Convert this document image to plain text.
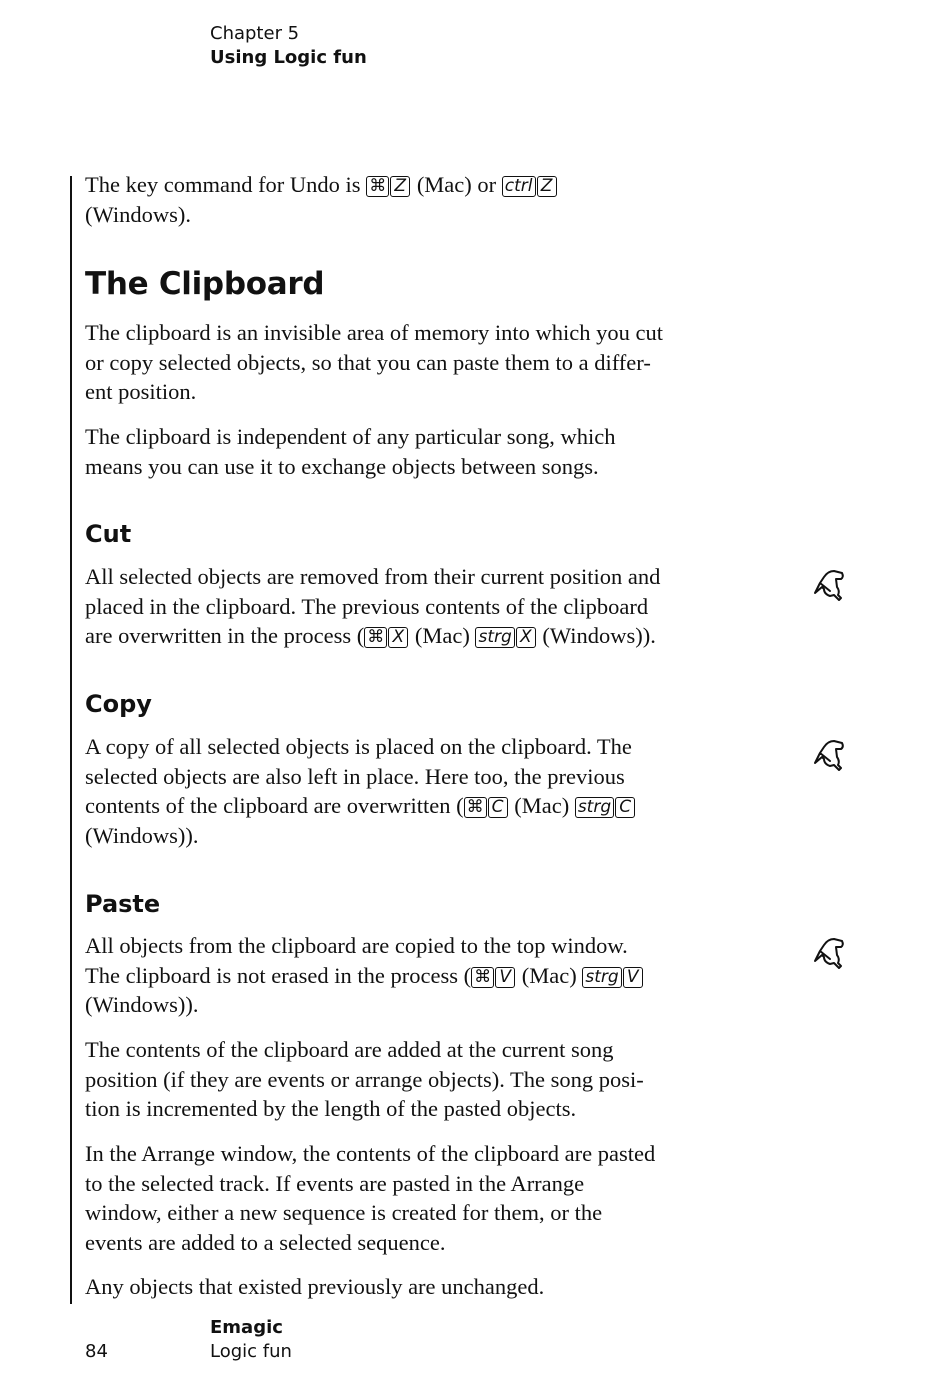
Chapter 5
Using Logic fun

The key command for Undo is ⌘ Z (Mac) or ctrl Z
(Windows).

The Clipboard

The clipboard is an invisible area of memory into which you cut
or copy selected objects, so that you can paste them to a differ-
ent position.

The clipboard is independent of any particular song, which
means you can use it to exchange objects between songs.

Cut

All selected objects are removed from their current position and
placed in the clipboard. The previous contents of the clipboard
are overwritten in the process ( ⌘ X (Mac) strg X (Windows)).

Copy

A copy of all selected objects is placed on the clipboard. The
selected objects are also left in place. Here too, the previous
contents of the clipboard are overwritten ( ⌘ C (Mac) strg C
(Windows)).

Paste

All objects from the clipboard are copied to the top window.
The clipboard is not erased in the process ( ⌘ V (Mac) strg V
(Windows)).

The contents of the clipboard are added at the current song
position (if they are events or arrange objects). The song posi-
tion is incremented by the length of the pasted objects.

In the Arrange window, the contents of the clipboard are pasted
to the selected track. If events are pasted in the Arrange
window, either a new sequence is created for them, or the
events are added to a selected sequence.

Any objects that existed previously are unchanged.

Emagic
84	Logic fun
